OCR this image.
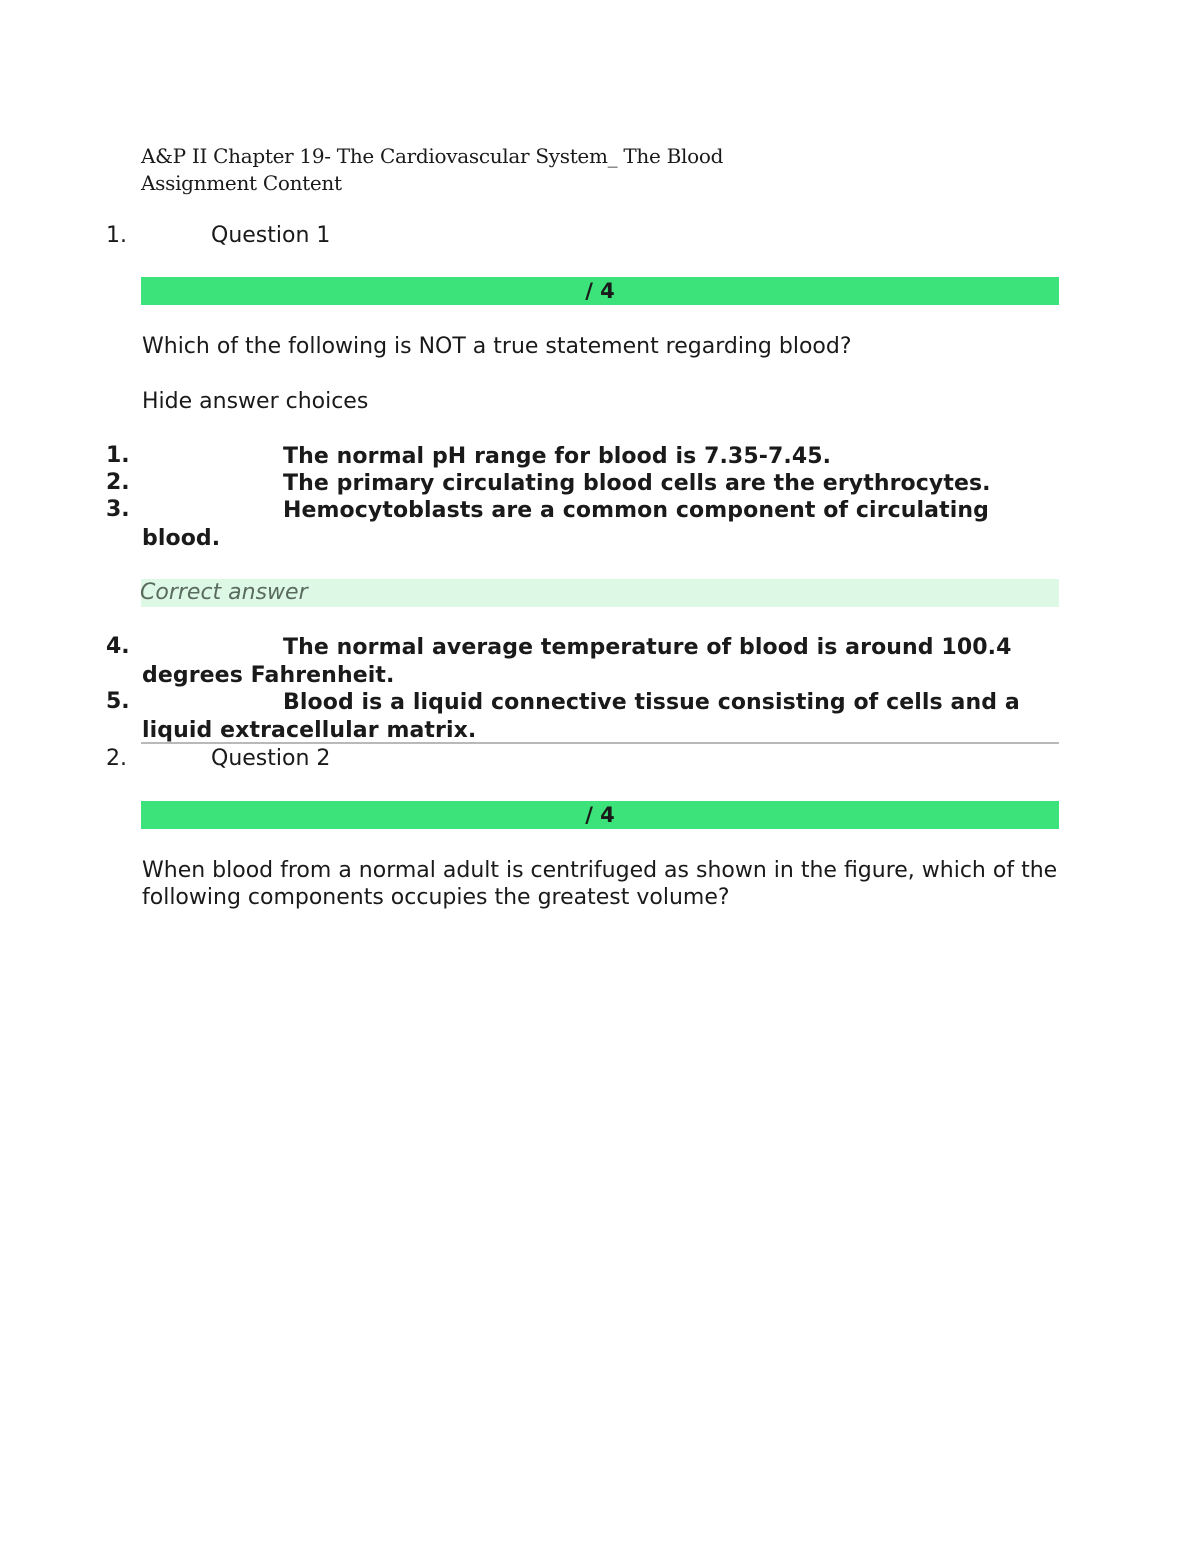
A&P II Chapter 19- The Cardiovascular System_ The Blood
Assignment Content
1.	Question 1
/ 4
Which of the following is NOT a true statement regarding blood?
Hide answer choices
1.	The normal pH range for blood is 7.35-7.45.
2.	The primary circulating blood cells are the erythrocytes.
3.	Hemocytoblasts are a common component of circulating blood.
Correct answer
4.	The normal average temperature of blood is around 100.4 degrees Fahrenheit.
5.	Blood is a liquid connective tissue consisting of cells and a liquid extracellular matrix.
2.	Question 2
/ 4
When blood from a normal adult is centrifuged as shown in the figure, which of the following components occupies the greatest volume?
